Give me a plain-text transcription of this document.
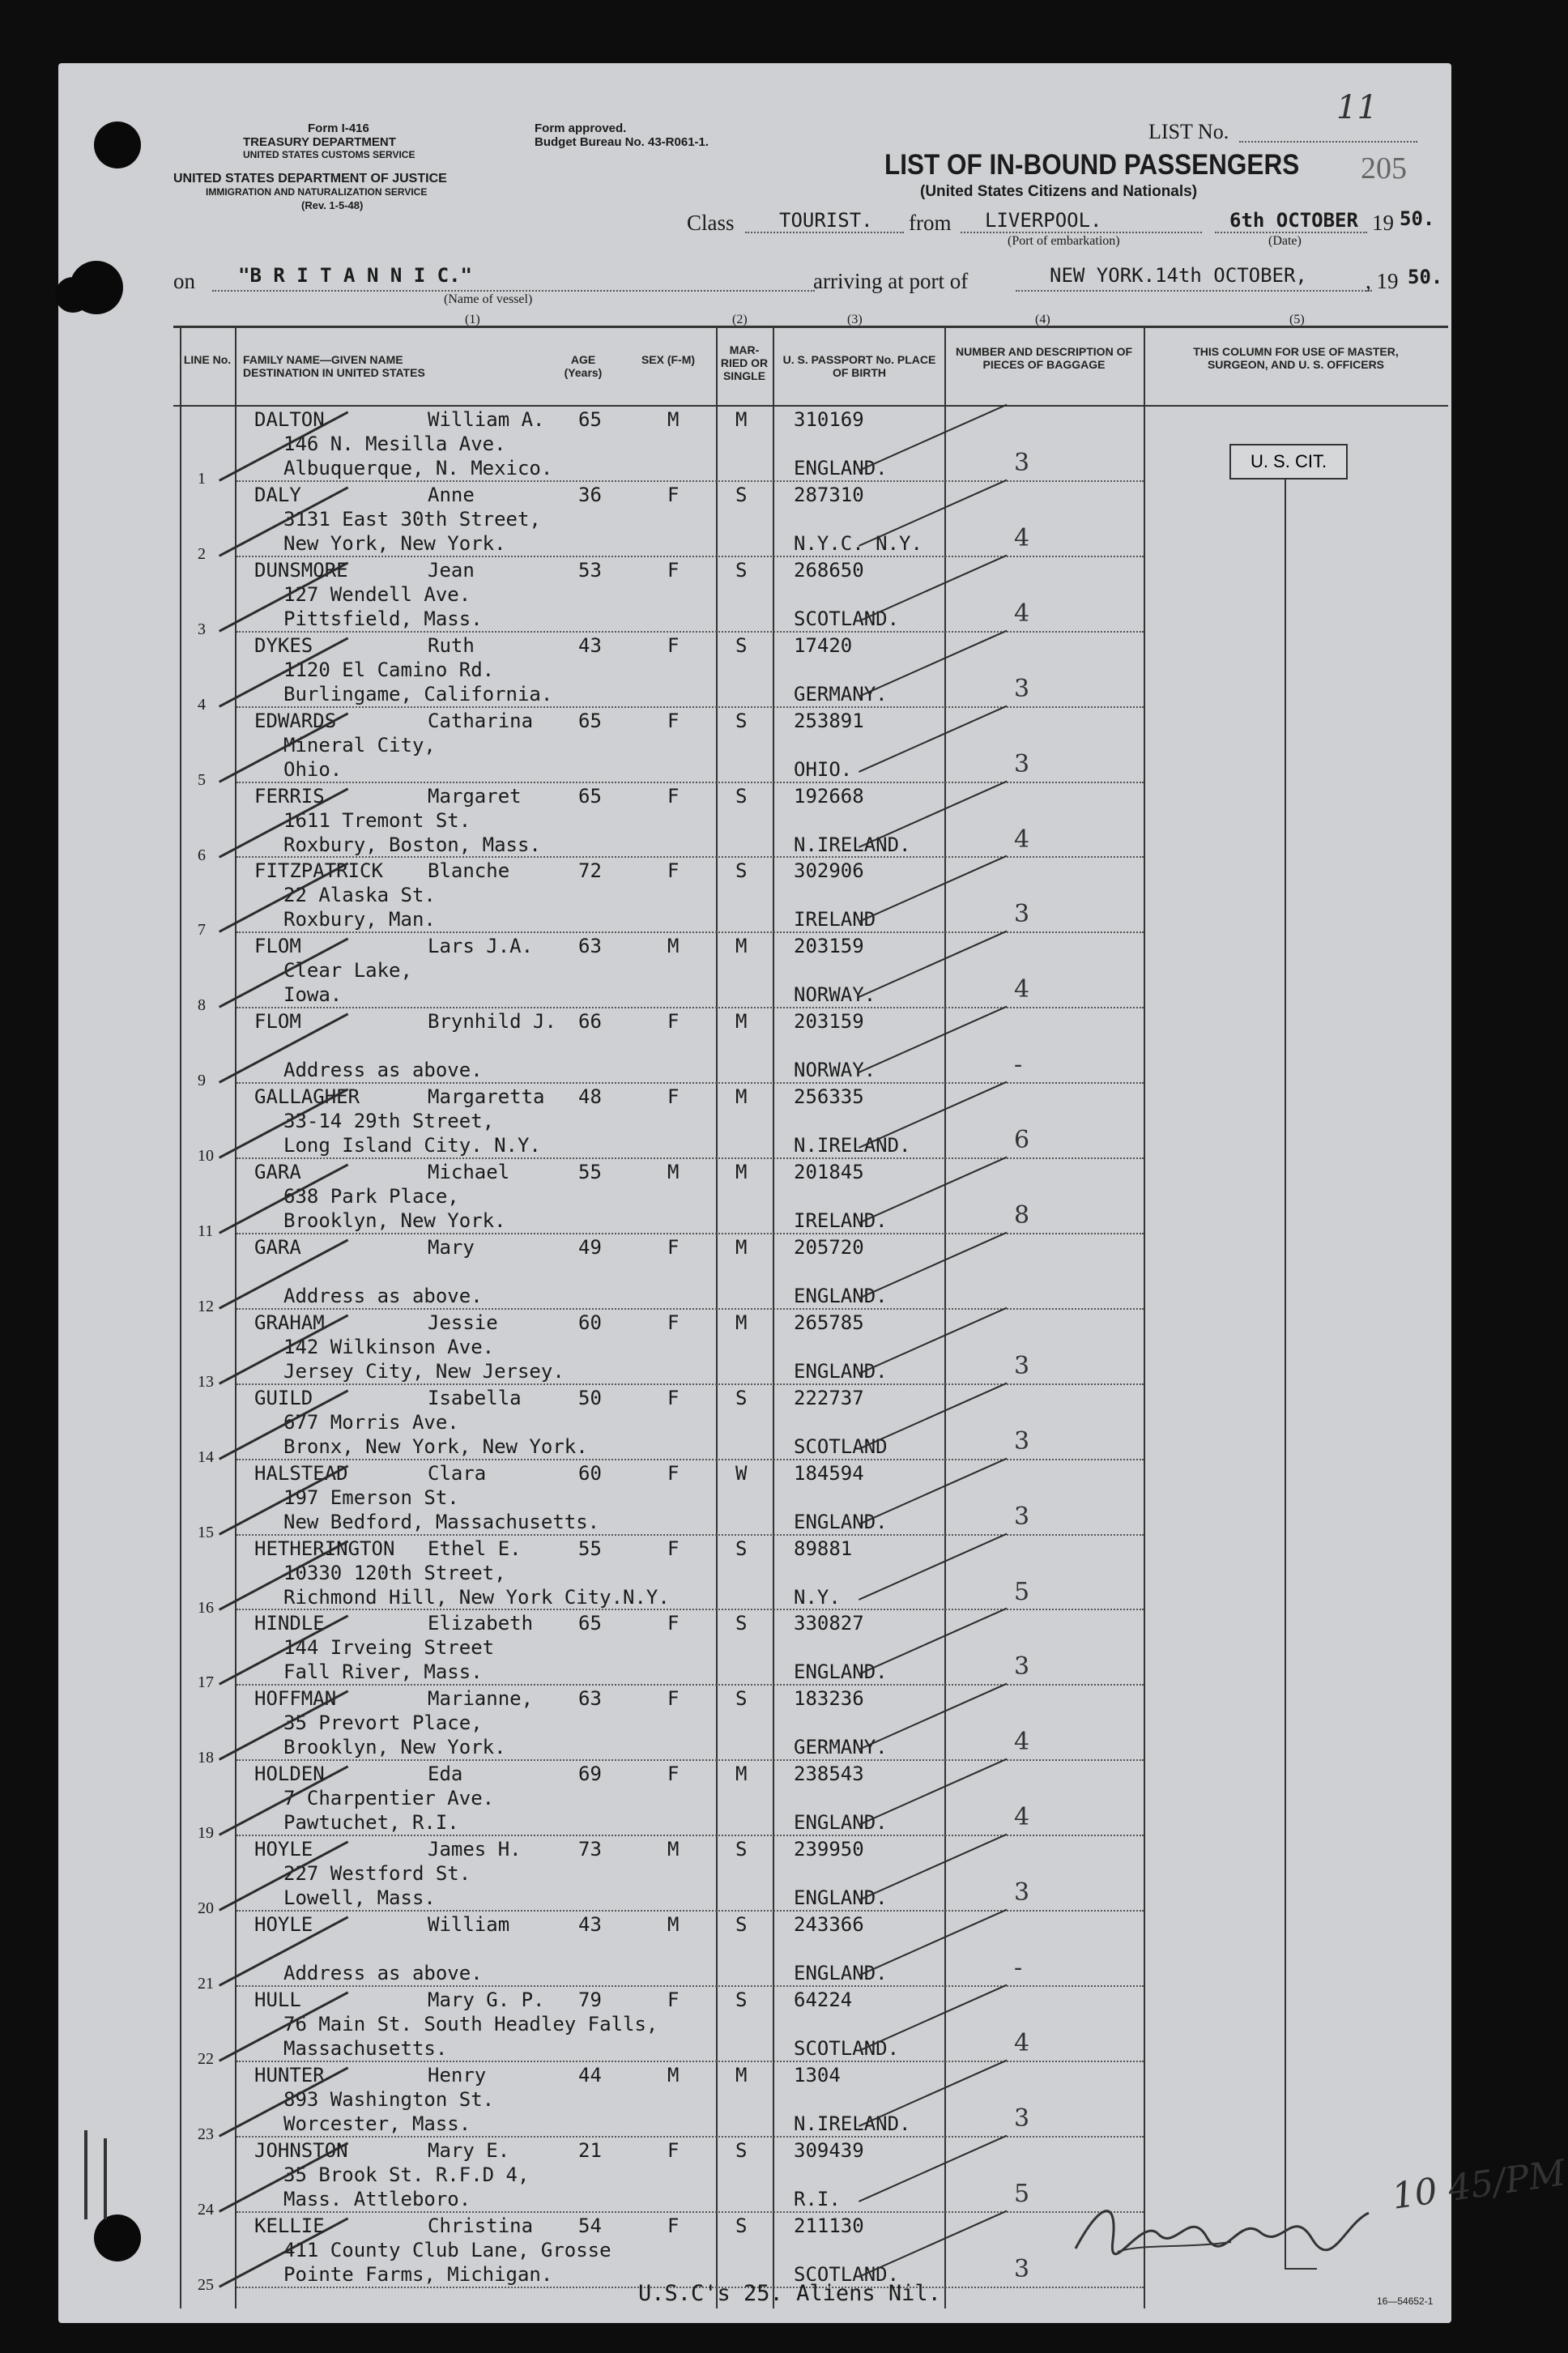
Form I-416
TREASURY DEPARTMENT
UNITED STATES CUSTOMS SERVICE
Form approved.
Budget Bureau No. 43-R061-1.
UNITED STATES DEPARTMENT OF JUSTICE
IMMIGRATION AND NATURALIZATION SERVICE
(Rev. 1-5-48)
LIST No.
11
205
LIST OF IN-BOUND PASSENGERS
(United States Citizens and Nationals)
Class TOURIST. from LIVERPOOL.
(Port of embarkation)
6th OCTOBER
(Date)
19 50.
on "B R I T A N N I C."
(Name of vessel)
arriving at port of	NEW YORK.14th OCTOBER,	, 19 50.
(1)	(2)	(3)	(4)	(5)
LINE No. FAMILY NAME—GIVEN NAME DESTINATION IN UNITED STATES
AGE (Years)
SEX (F-M)
MAR-RIED OR SINGLE
U. S. PASSPORT No. PLACE OF BIRTH
NUMBER AND DESCRIPTION OF PIECES OF BAGGAGE
THIS COLUMN FOR USE OF MASTER, SURGEON, AND U. S. OFFICERS
U. S. CIT.
DALTON	William A.
146 N. Mesilla Ave.
Albuquerque, N. Mexico.
65	M	M 310169
ENGLAND.	3
1
DALY	Anne
3131 East 30th Street,
New York, New York.
36	F	S 287310
N.Y.C. N.Y.	4
2
DUNSMORE	Jean
127 Wendell Ave.
Pittsfield, Mass.
53	F	S 268650
SCOTLAND.	4
3
DYKES	Ruth
1120 El Camino Rd.
Burlingame, California.
43	F	S 17420
GERMANY.	3
4
EDWARDS	Catharina
Mineral City,
Ohio.
65	F	S 253891
OHIO.	3
5
FERRIS	Margaret
1611 Tremont St.
Roxbury, Boston, Mass.
65	F	S 192668
N.IRELAND.	4
6
FITZPATRICK Blanche
22 Alaska St.
Roxbury, Man.
72	F	S 302906
IRELAND	3
7
FLOM	Lars J.A.
Clear Lake,
Iowa.
63	M	M 203159
NORWAY.	4
8
FLOM	Brynhild J.
Address as above.
66	F	M 203159
NORWAY.	-
9
GALLAGHER	Margaretta
33-14 29th Street,
Long Island City. N.Y.
48	F	M 256335
N.IRELAND.	6
10
GARA	Michael
638 Park Place,
Brooklyn, New York.
55	M	M 201845
IRELAND.	8
11
GARA	Mary
Address as above.
49	F	M 205720
ENGLAND.
12
GRAHAM	Jessie
142 Wilkinson Ave.
Jersey City, New Jersey.
60	F	M 265785
ENGLAND.	3
13
GUILD	Isabella
677 Morris Ave.
Bronx, New York, New York.
50	F	S 222737
SCOTLAND	3
14
HALSTEAD	Clara
197 Emerson St.
New Bedford, Massachusetts.
60	F	W 184594
ENGLAND.	3
15
HETHERINGTON Ethel E.
10330 120th Street,
Richmond Hill, New York City.N.Y.
55	F	S 89881
N.Y.	5
16
HINDLE	Elizabeth
144 Irveing Street
Fall River, Mass.
65	F	S 330827
ENGLAND.	3
17
HOFFMAN	Marianne,
35 Prevort Place,
Brooklyn, New York.
63	F	S 183236
GERMANY.	4
18
HOLDEN	Eda
7 Charpentier Ave.
Pawtuchet, R.I.
69	F	M 238543
ENGLAND.	4
19
HOYLE	James H.
227 Westford St.
Lowell, Mass.
73	M	S 239950
ENGLAND.	3
20
HOYLE	William
Address as above.
43	M	S 243366
ENGLAND.	-
21
HULL	Mary G. P.
76 Main St. South Headley Falls,
Massachusetts.
79	F	S 64224
SCOTLAND.	4
22
HUNTER	Henry
893 Washington St.
Worcester, Mass.
44	M	M 1304
N.IRELAND.	3
23
JOHNSTON	Mary E.
35 Brook St. R.F.D 4,
Mass. Attleboro.
21	F	S 309439
R.I.	5
24
KELLIE	Christina
411 County Club Lane, Grosse
Pointe Farms, Michigan.
54	F	S 211130
SCOTLAND.	3
25	U.S.C's 25. Aliens Nil.
10 45/PM
16—54652-1
